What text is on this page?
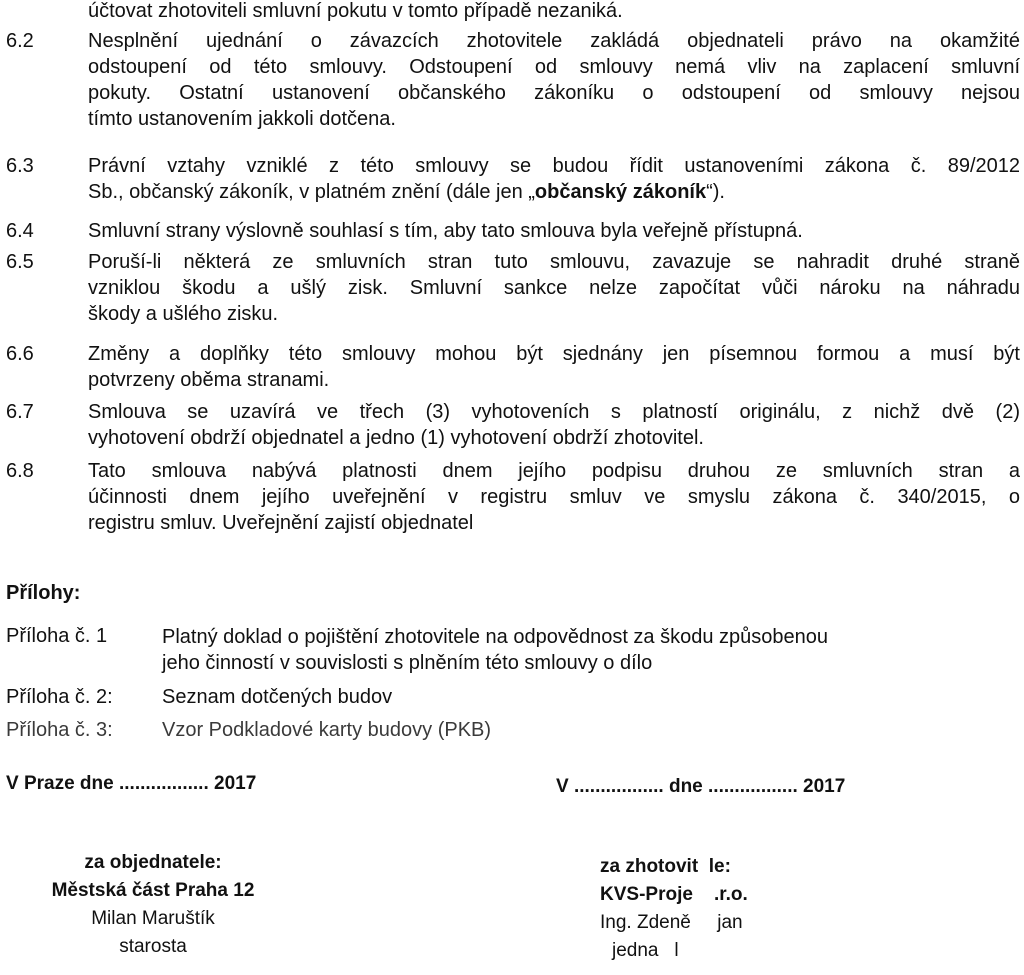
účtovat zhotoviteli smluvní pokutu v tomto případě nezaniká.
6.2	Nesplnění ujednání o závazcích zhotovitele zakládá objednateli právo na okamžité
odstoupení od této smlouvy. Odstoupení od smlouvy nemá vliv na zaplacení smluvní
pokuty. Ostatní ustanovení občanského zákoníku o odstoupení od smlouvy nejsou
tímto ustanovením jakkoli dotčena.
6.3	Právní vztahy vzniklé z této smlouvy se budou řídit ustanoveními zákona č. 89/2012
Sb., občanský zákoník, v platném znění (dále jen „občanský zákoník“).
6.4	Smluvní strany výslovně souhlasí s tím, aby tato smlouva byla veřejně přístupná.
6.5	Poruší-li některá ze smluvních stran tuto smlouvu, zavazuje se nahradit druhé straně
vzniklou škodu a ušlý zisk. Smluvní sankce nelze započítat vůči nároku na náhradu
škody a ušlého zisku.
6.6	Změny a doplňky této smlouvy mohou být sjednány jen písemnou formou a musí být
potvrzeny oběma stranami.
6.7	Smlouva se uzavírá ve třech (3) vyhotoveních s platností originálu, z nichž dvě (2)
vyhotovení obdrží objednatel a jedno (1) vyhotovení obdrží zhotovitel.
6.8	Tato smlouva nabývá platnosti dnem jejího podpisu druhou ze smluvních stran a
účinnosti dnem jejího uveřejnění v registru smluv ve smyslu zákona č. 340/2015, o
registru smluv. Uveřejnění zajistí objednatel
Přílohy:
Příloha č. 1	Platný doklad o pojištění zhotovitele na odpovědnost za škodu způsobenou
jeho činností v souvislosti s plněním této smlouvy o dílo
Příloha č. 2: Seznam dotčených budov
Příloha č. 3: Vzor Podkladové karty budovy (PKB)
V Praze dne ................. 2017	V ................. dne ................. 2017
za objednatele:
Městská část Praha 12
Milan Maruštík
starosta
za zhotovit  le:
KVS-Proje    .r.o.
Ing. Zdeně     jan
jedna   l
